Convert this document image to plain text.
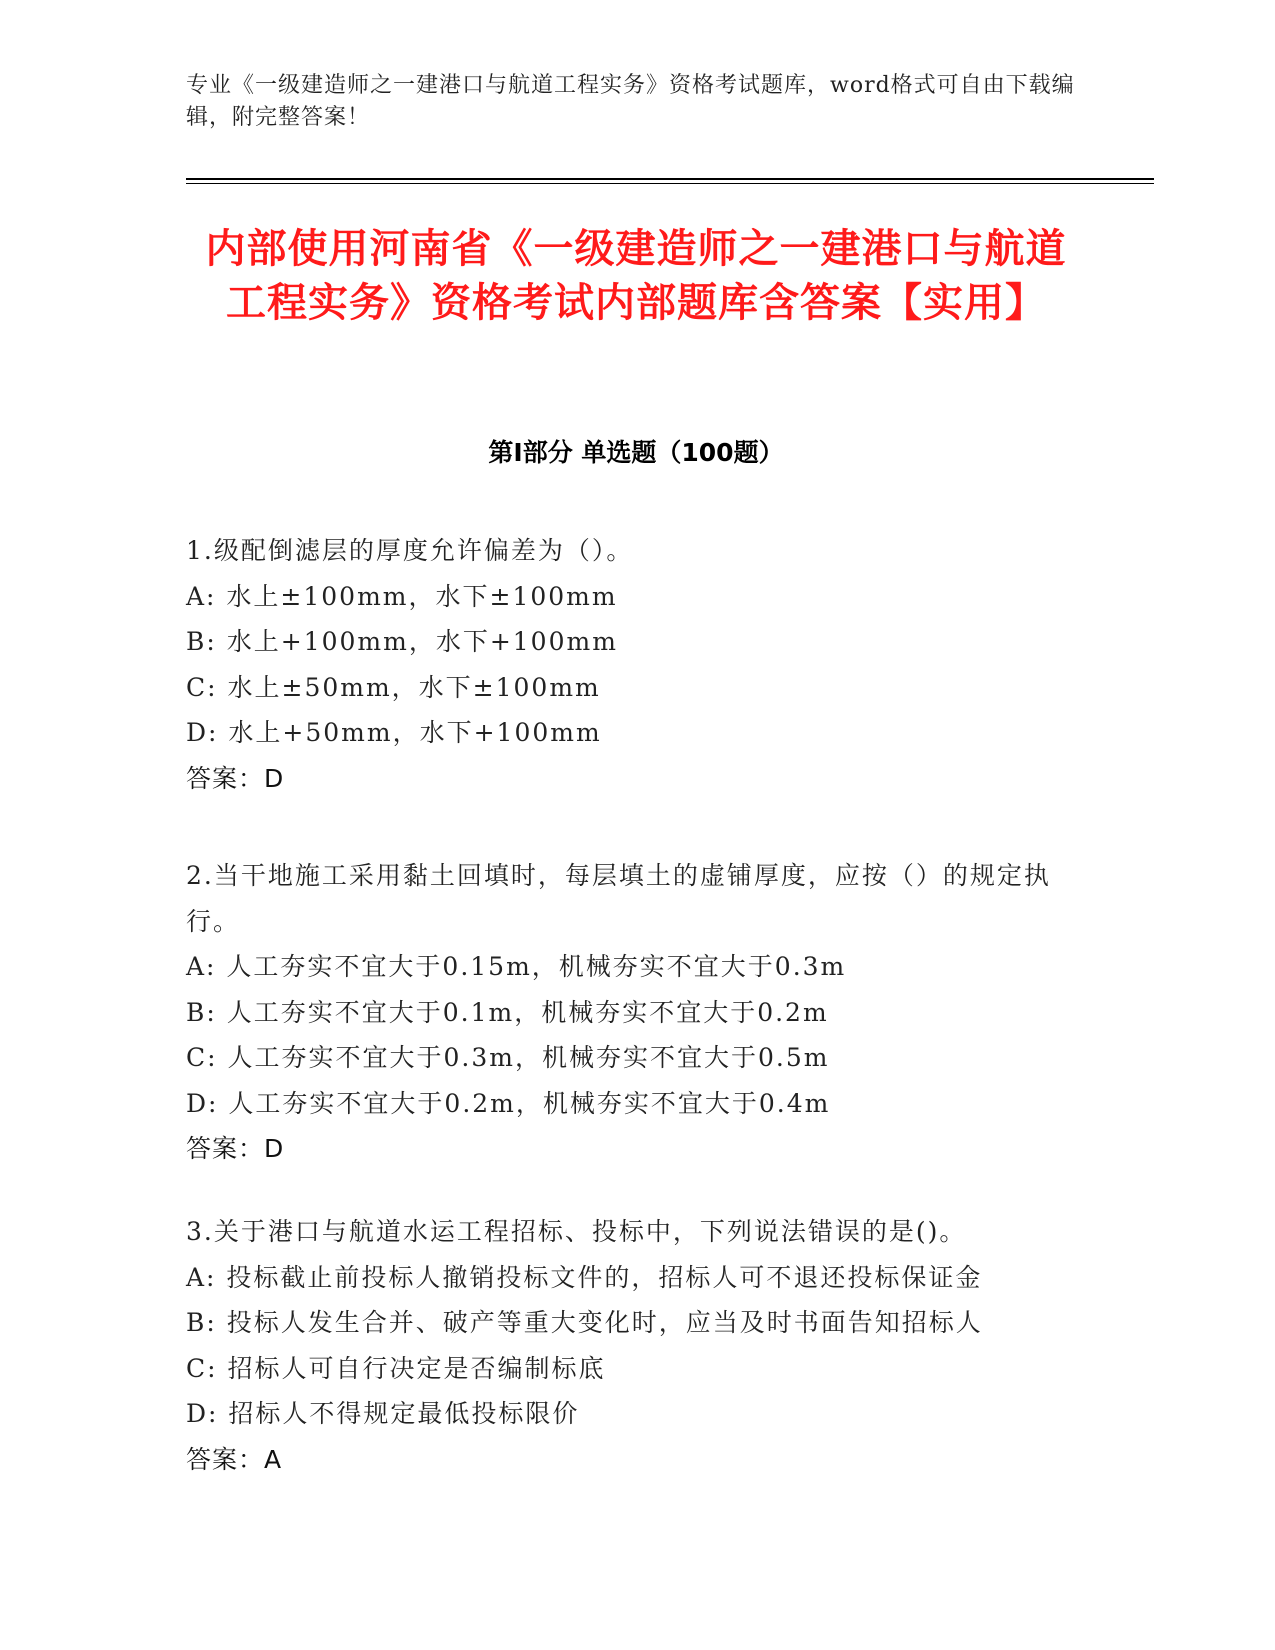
专业《一级建造师之一建港口与航道工程实务》资格考试题库，word格式可自由下载编辑，附完整答案！
内部使用河南省《一级建造师之一建港口与航道工程实务》资格考试内部题库含答案【实用】
第Ⅰ部分 单选题（100题）

1.级配倒滤层的厚度允许偏差为（）。

A: 水上±100mm，水下±100mm

B: 水上+100mm，水下+100mm

C: 水上±50mm，水下±100mm

D: 水上+50mm，水下+100mm

答案：D

2.当干地施工采用黏土回填时，每层填土的虚铺厚度，应按（）的规定执行。

A: 人工夯实不宜大于0.15m，机械夯实不宜大于0.3m

B: 人工夯实不宜大于0.1m，机械夯实不宜大于0.2m

C: 人工夯实不宜大于0.3m，机械夯实不宜大于0.5m

D: 人工夯实不宜大于0.2m，机械夯实不宜大于0.4m

答案：D

3.关于港口与航道水运工程招标、投标中，下列说法错误的是()。

A: 投标截止前投标人撤销投标文件的，招标人可不退还投标保证金

B: 投标人发生合并、破产等重大变化时，应当及时书面告知招标人

C: 招标人可自行决定是否编制标底

D: 招标人不得规定最低投标限价

答案：A
